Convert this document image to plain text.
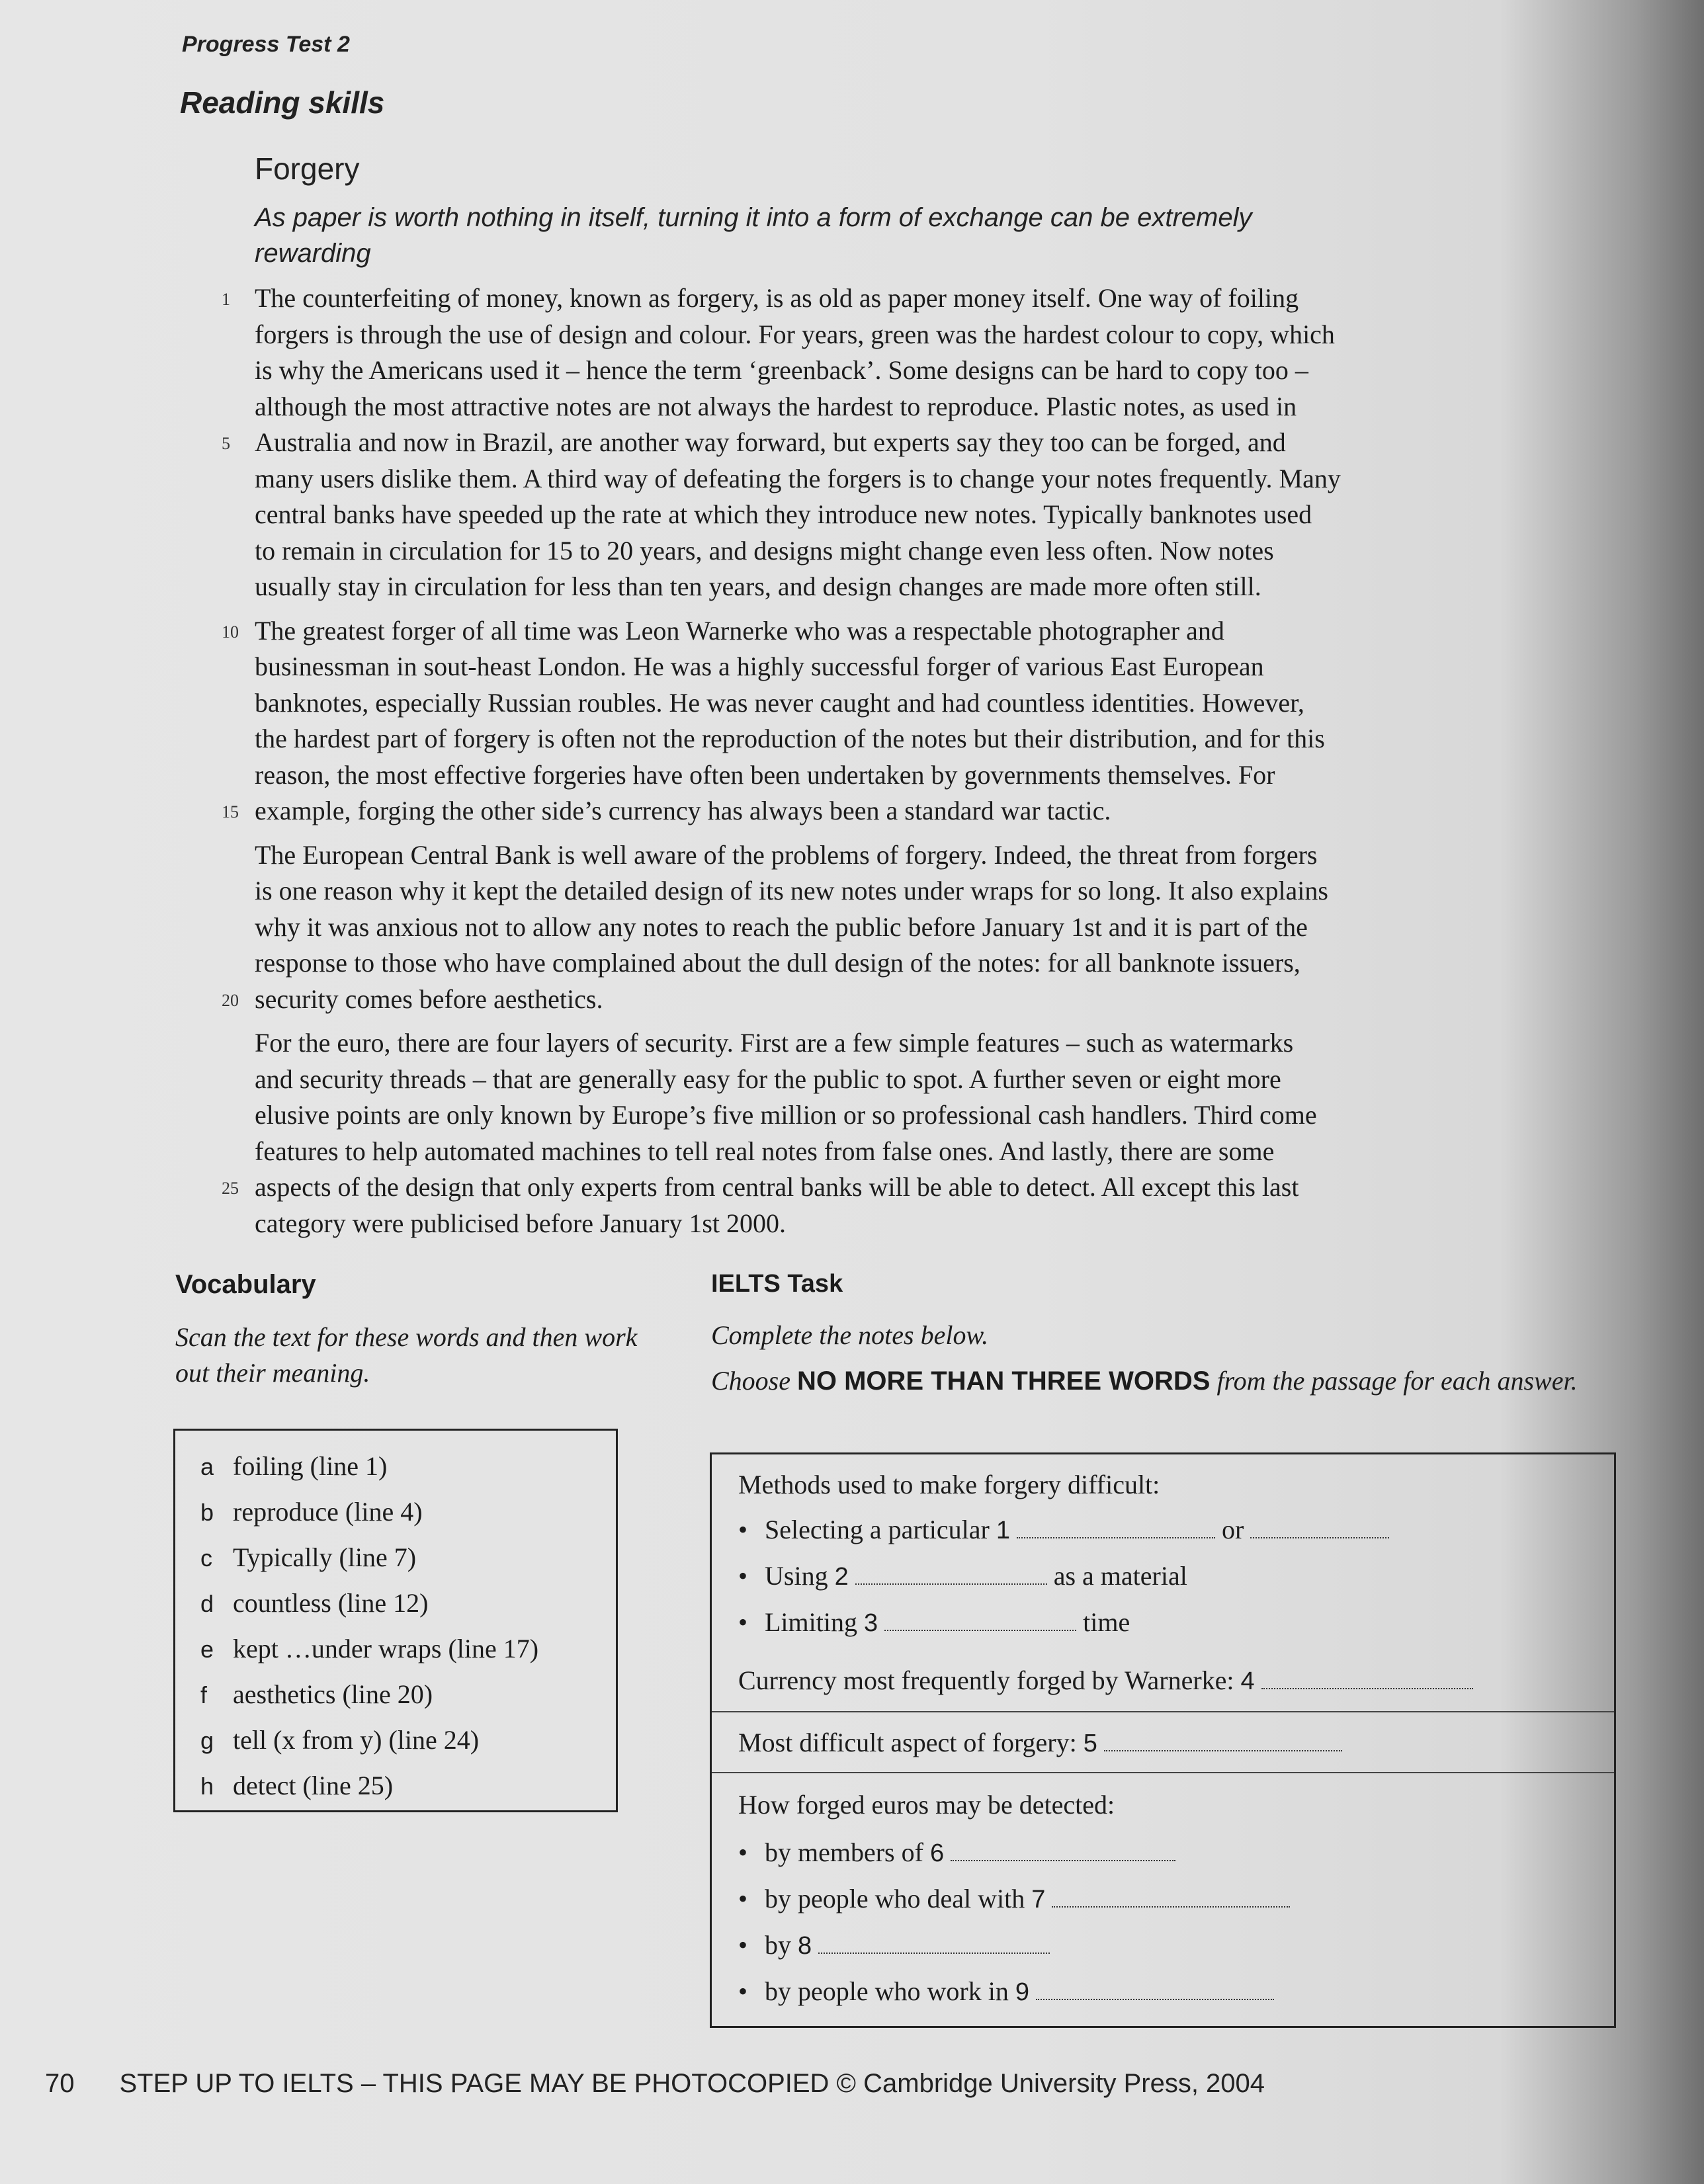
Progress Test 2
Reading skills
Forgery
As paper is worth nothing in itself, turning it into a form of exchange can be extremely rewarding
1 The counterfeiting of money, known as forgery, is as old as paper money itself. One way of foiling
forgers is through the use of design and colour. For years, green was the hardest colour to copy, which
is why the Americans used it – hence the term ‘greenback’. Some designs can be hard to copy too –
although the most attractive notes are not always the hardest to reproduce. Plastic notes, as used in
5 Australia and now in Brazil, are another way forward, but experts say they too can be forged, and
many users dislike them. A third way of defeating the forgers is to change your notes frequently. Many
central banks have speeded up the rate at which they introduce new notes. Typically banknotes used
to remain in circulation for 15 to 20 years, and designs might change even less often. Now notes
usually stay in circulation for less than ten years, and design changes are made more often still.
10 The greatest forger of all time was Leon Warnerke who was a respectable photographer and
businessman in sout-heast London. He was a highly successful forger of various East European
banknotes, especially Russian roubles. He was never caught and had countless identities. However,
the hardest part of forgery is often not the reproduction of the notes but their distribution, and for this
reason, the most effective forgeries have often been undertaken by governments themselves. For
15 example, forging the other side’s currency has always been a standard war tactic.
The European Central Bank is well aware of the problems of forgery. Indeed, the threat from forgers
is one reason why it kept the detailed design of its new notes under wraps for so long. It also explains
why it was anxious not to allow any notes to reach the public before January 1st and it is part of the
response to those who have complained about the dull design of the notes: for all banknote issuers,
20 security comes before aesthetics.
For the euro, there are four layers of security. First are a few simple features – such as watermarks
and security threads – that are generally easy for the public to spot. A further seven or eight more
elusive points are only known by Europe’s five million or so professional cash handlers. Third come
features to help automated machines to tell real notes from false ones. And lastly, there are some
25 aspects of the design that only experts from central banks will be able to detect. All except this last
category were publicised before January 1st 2000.
Vocabulary
Scan the text for these words and then work out their meaning.
a foiling (line 1)
b reproduce (line 4)
c Typically (line 7)
d countless (line 12)
e kept …under wraps (line 17)
f aesthetics (line 20)
g tell (x from y) (line 24)
h detect (line 25)
IELTS Task
Complete the notes below.
Choose NO MORE THAN THREE WORDS from the passage for each answer.
Methods used to make forgery difficult:
• Selecting a particular 1	or
• Using 2	as a material
• Limiting 3	time
Currency most frequently forged by Warnerke: 4
Most difficult aspect of forgery: 5
How forged euros may be detected:
• by members of 6
• by people who deal with 7
• by 8
• by people who work in 9
70 STEP UP TO IELTS – THIS PAGE MAY BE PHOTOCOPIED © Cambridge University Press, 2004
